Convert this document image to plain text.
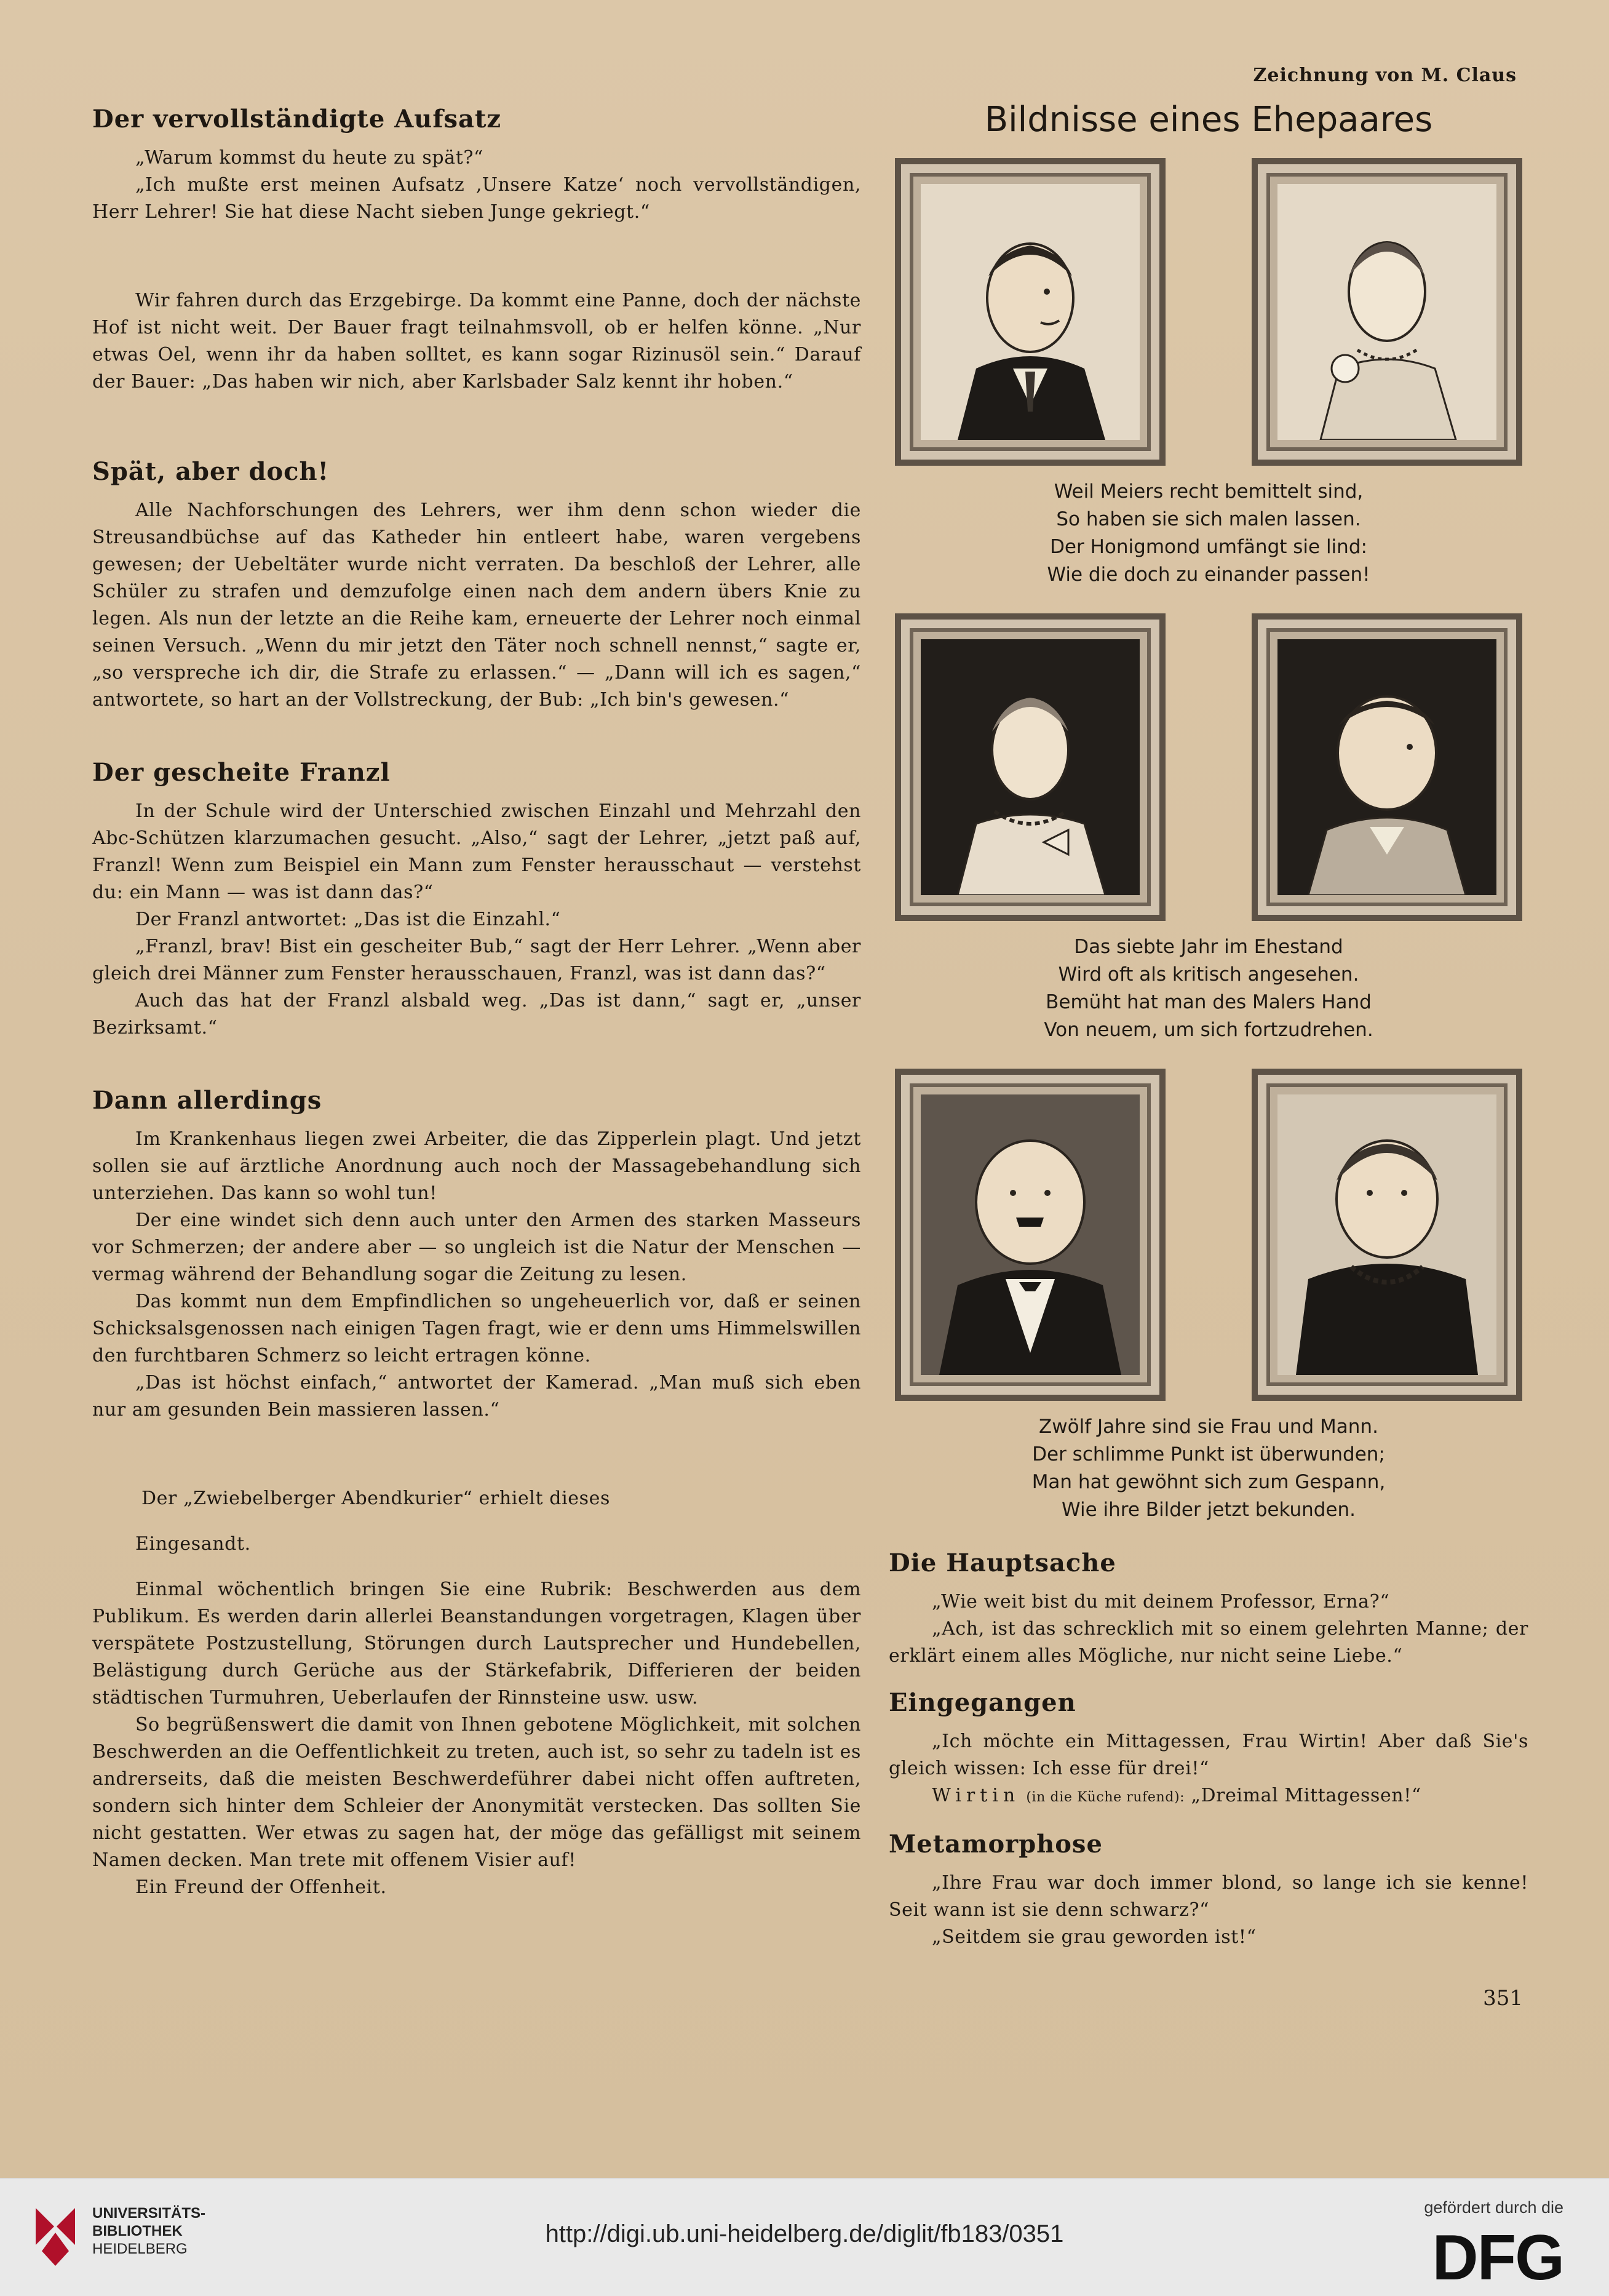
Zeichnung von M. Claus
Der vervollständigte Aufsatz

„Warum kommst du heute zu spät?“

„Ich mußte erst meinen Aufsatz ‚Unsere Katze‘ noch vervollständigen, Herr Lehrer! Sie hat diese Nacht sieben Junge gekriegt.“

Wir fahren durch das Erzgebirge. Da kommt eine Panne, doch der nächste Hof ist nicht weit. Der Bauer fragt teilnahmsvoll, ob er helfen könne. „Nur etwas Oel, wenn ihr da haben solltet, es kann sogar Rizinusöl sein.“ Darauf der Bauer: „Das haben wir nich, aber Karlsbader Salz kennt ihr hoben.“

Spät, aber doch!

Alle Nachforschungen des Lehrers, wer ihm denn schon wieder die Streusandbüchse auf das Katheder hin entleert habe, waren vergebens gewesen; der Uebeltäter wurde nicht verraten. Da beschloß der Lehrer, alle Schüler zu strafen und demzufolge einen nach dem andern übers Knie zu legen. Als nun der letzte an die Reihe kam, erneuerte der Lehrer noch einmal seinen Versuch. „Wenn du mir jetzt den Täter noch schnell nennst,“ sagte er, „so verspreche ich dir, die Strafe zu erlassen.“ — „Dann will ich es sagen,“ antwortete, so hart an der Vollstreckung, der Bub: „Ich bin's gewesen.“

Der gescheite Franzl

In der Schule wird der Unterschied zwischen Einzahl und Mehrzahl den Abc-Schützen klarzumachen gesucht. „Also,“ sagt der Lehrer, „jetzt paß auf, Franzl! Wenn zum Beispiel ein Mann zum Fenster herausschaut — verstehst du: ein Mann — was ist dann das?“

Der Franzl antwortet: „Das ist die Einzahl.“

„Franzl, brav! Bist ein gescheiter Bub,“ sagt der Herr Lehrer. „Wenn aber gleich drei Männer zum Fenster herausschauen, Franzl, was ist dann das?“

Auch das hat der Franzl alsbald weg. „Das ist dann,“ sagt er, „unser Bezirksamt.“

Dann allerdings

Im Krankenhaus liegen zwei Arbeiter, die das Zipperlein plagt. Und jetzt sollen sie auf ärztliche Anordnung auch noch der Massagebehandlung sich unterziehen. Das kann so wohl tun!

Der eine windet sich denn auch unter den Armen des starken Masseurs vor Schmerzen; der andere aber — so ungleich ist die Natur der Menschen — vermag während der Behandlung sogar die Zeitung zu lesen.

Das kommt nun dem Empfindlichen so ungeheuerlich vor, daß er seinen Schicksalsgenossen nach einigen Tagen fragt, wie er denn ums Himmelswillen den furchtbaren Schmerz so leicht ertragen könne.

„Das ist höchst einfach,“ antwortet der Kamerad. „Man muß sich eben nur am gesunden Bein massieren lassen.“

Der „Zwiebelberger Abendkurier“ erhielt dieses

Eingesandt.

Einmal wöchentlich bringen Sie eine Rubrik: Beschwerden aus dem Publikum. Es werden darin allerlei Beanstandungen vorgetragen, Klagen über verspätete Postzustellung, Störungen durch Lautsprecher und Hundebellen, Belästigung durch Gerüche aus der Stärkefabrik, Differieren der beiden städtischen Turmuhren, Ueberlaufen der Rinnsteine usw. usw.

So begrüßenswert die damit von Ihnen gebotene Möglichkeit, mit solchen Beschwerden an die Oeffentlichkeit zu treten, auch ist, so sehr zu tadeln ist es andrerseits, daß die meisten Beschwerdeführer dabei nicht offen auftreten, sondern sich hinter dem Schleier der Anonymität verstecken. Das sollten Sie nicht gestatten. Wer etwas zu sagen hat, der möge das gefälligst mit seinem Namen decken. Man trete mit offenem Visier auf!

Ein Freund der Offenheit.

Bildnisse eines Ehepaares
Weil Meiers recht bemittelt sind,
So haben sie sich malen lassen.
Der Honigmond umfängt sie lind:
Wie die doch zu einander passen!
Das siebte Jahr im Ehestand
Wird oft als kritisch angesehen.
Bemüht hat man des Malers Hand
Von neuem, um sich fortzudrehen.
Zwölf Jahre sind sie Frau und Mann.
Der schlimme Punkt ist überwunden;
Man hat gewöhnt sich zum Gespann,
Wie ihre Bilder jetzt bekunden.
Die Hauptsache

„Wie weit bist du mit deinem Professor, Erna?“

„Ach, ist das schrecklich mit so einem gelehrten Manne; der erklärt einem alles Mögliche, nur nicht seine Liebe.“

Eingegangen

„Ich möchte ein Mittagessen, Frau Wirtin! Aber daß Sie's gleich wissen: Ich esse für drei!“

Wirtin (in die Küche rufend): „Dreimal Mittagessen!“

Metamorphose

„Ihre Frau war doch immer blond, so lange ich sie kenne! Seit wann ist sie denn schwarz?“

„Seitdem sie grau geworden ist!“

351
UNIVERSITÄTS-
BIBLIOTHEK
HEIDELBERG
http://digi.ub.uni-heidelberg.de/diglit/fb183/0351
gefördert durch die
DFG
